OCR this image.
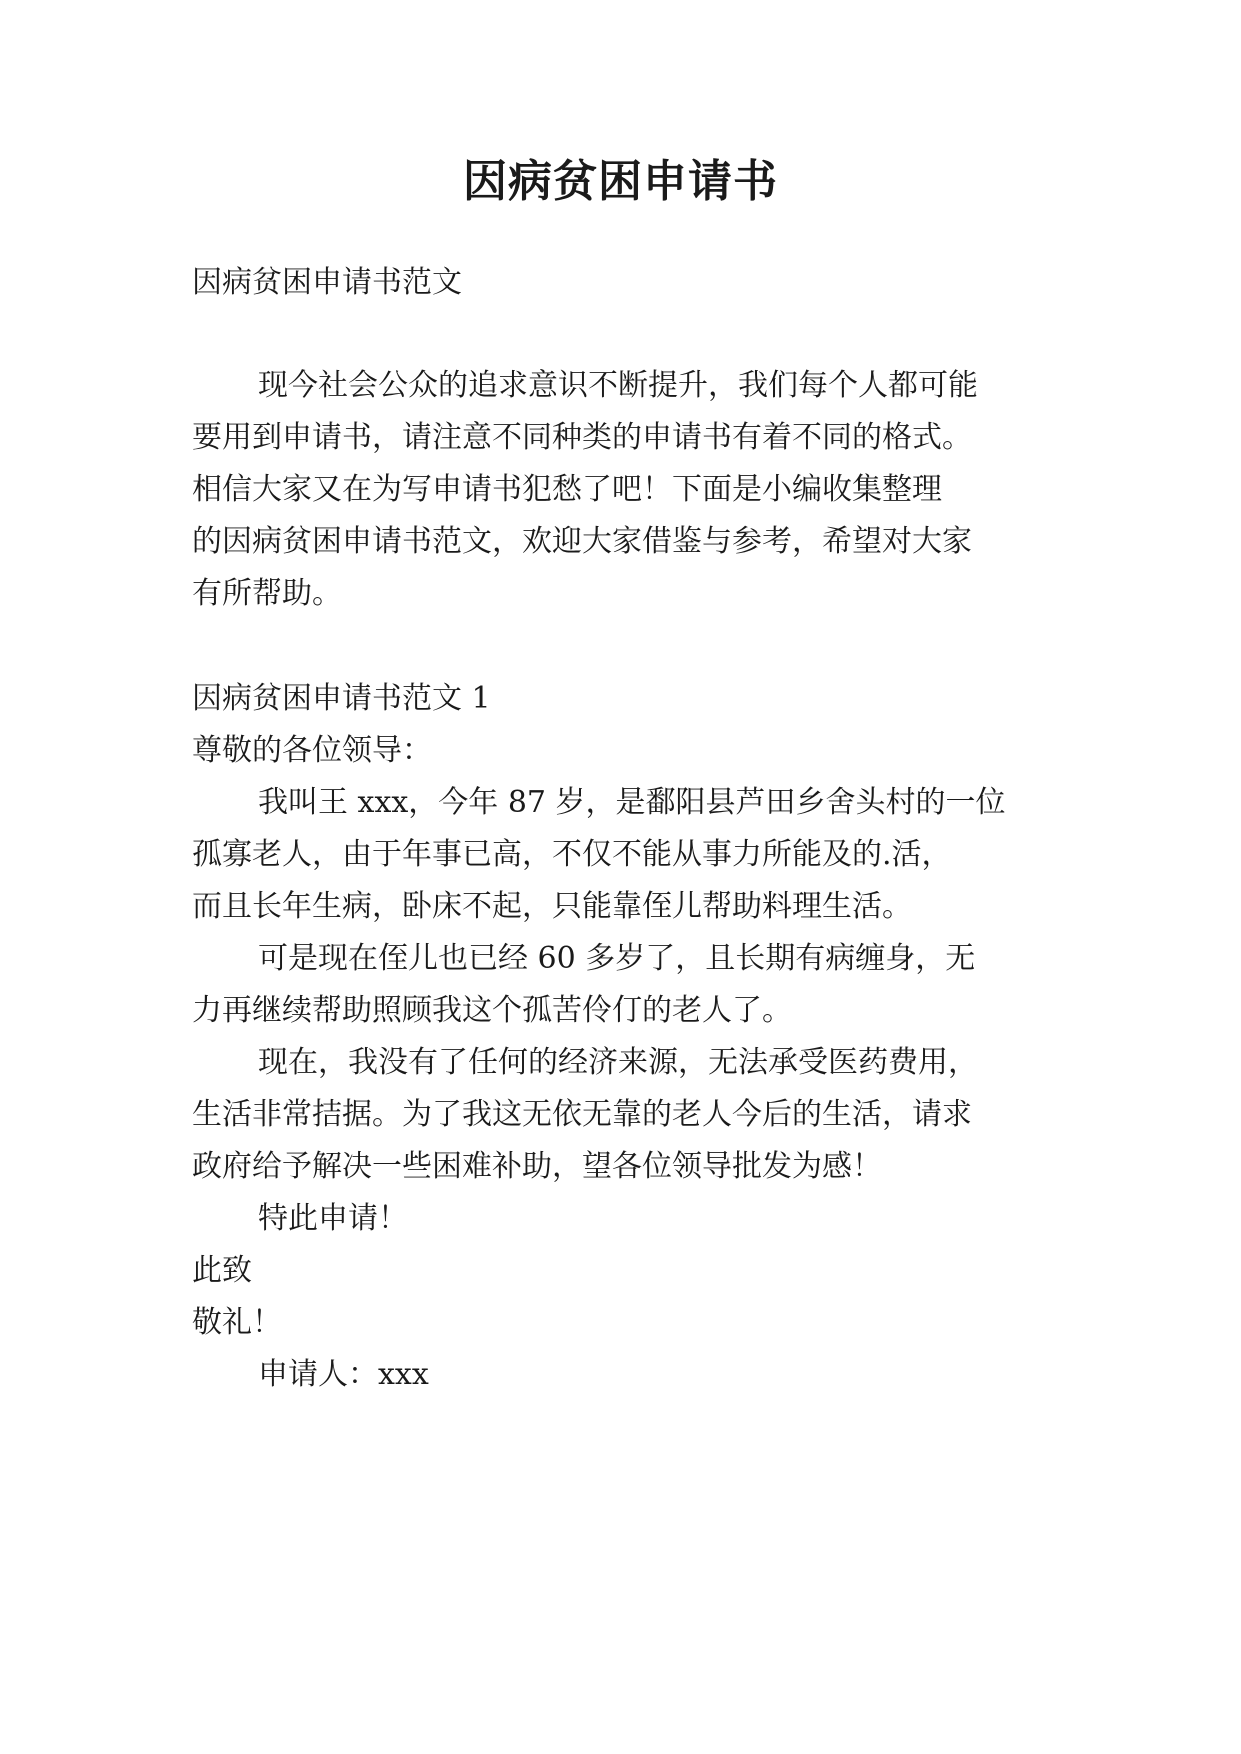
因病贫困申请书

因病贫困申请书范文

现今社会公众的追求意识不断提升，我们每个人都可能

要用到申请书，请注意不同种类的申请书有着不同的格式。

相信大家又在为写申请书犯愁了吧！下面是小编收集整理

的因病贫困申请书范文，欢迎大家借鉴与参考，希望对大家

有所帮助。

因病贫困申请书范文 1

尊敬的各位领导：

我叫王 xxx，今年 87 岁，是鄱阳县芦田乡舍头村的一位

孤寡老人，由于年事已高，不仅不能从事力所能及的.活，

而且长年生病，卧床不起，只能靠侄儿帮助料理生活。

可是现在侄儿也已经 60 多岁了，且长期有病缠身，无

力再继续帮助照顾我这个孤苦伶仃的老人了。

现在，我没有了任何的经济来源，无法承受医药费用，

生活非常拮据。为了我这无依无靠的老人今后的生活，请求

政府给予解决一些困难补助，望各位领导批发为感！

特此申请！

此致

敬礼！

申请人：xxx
